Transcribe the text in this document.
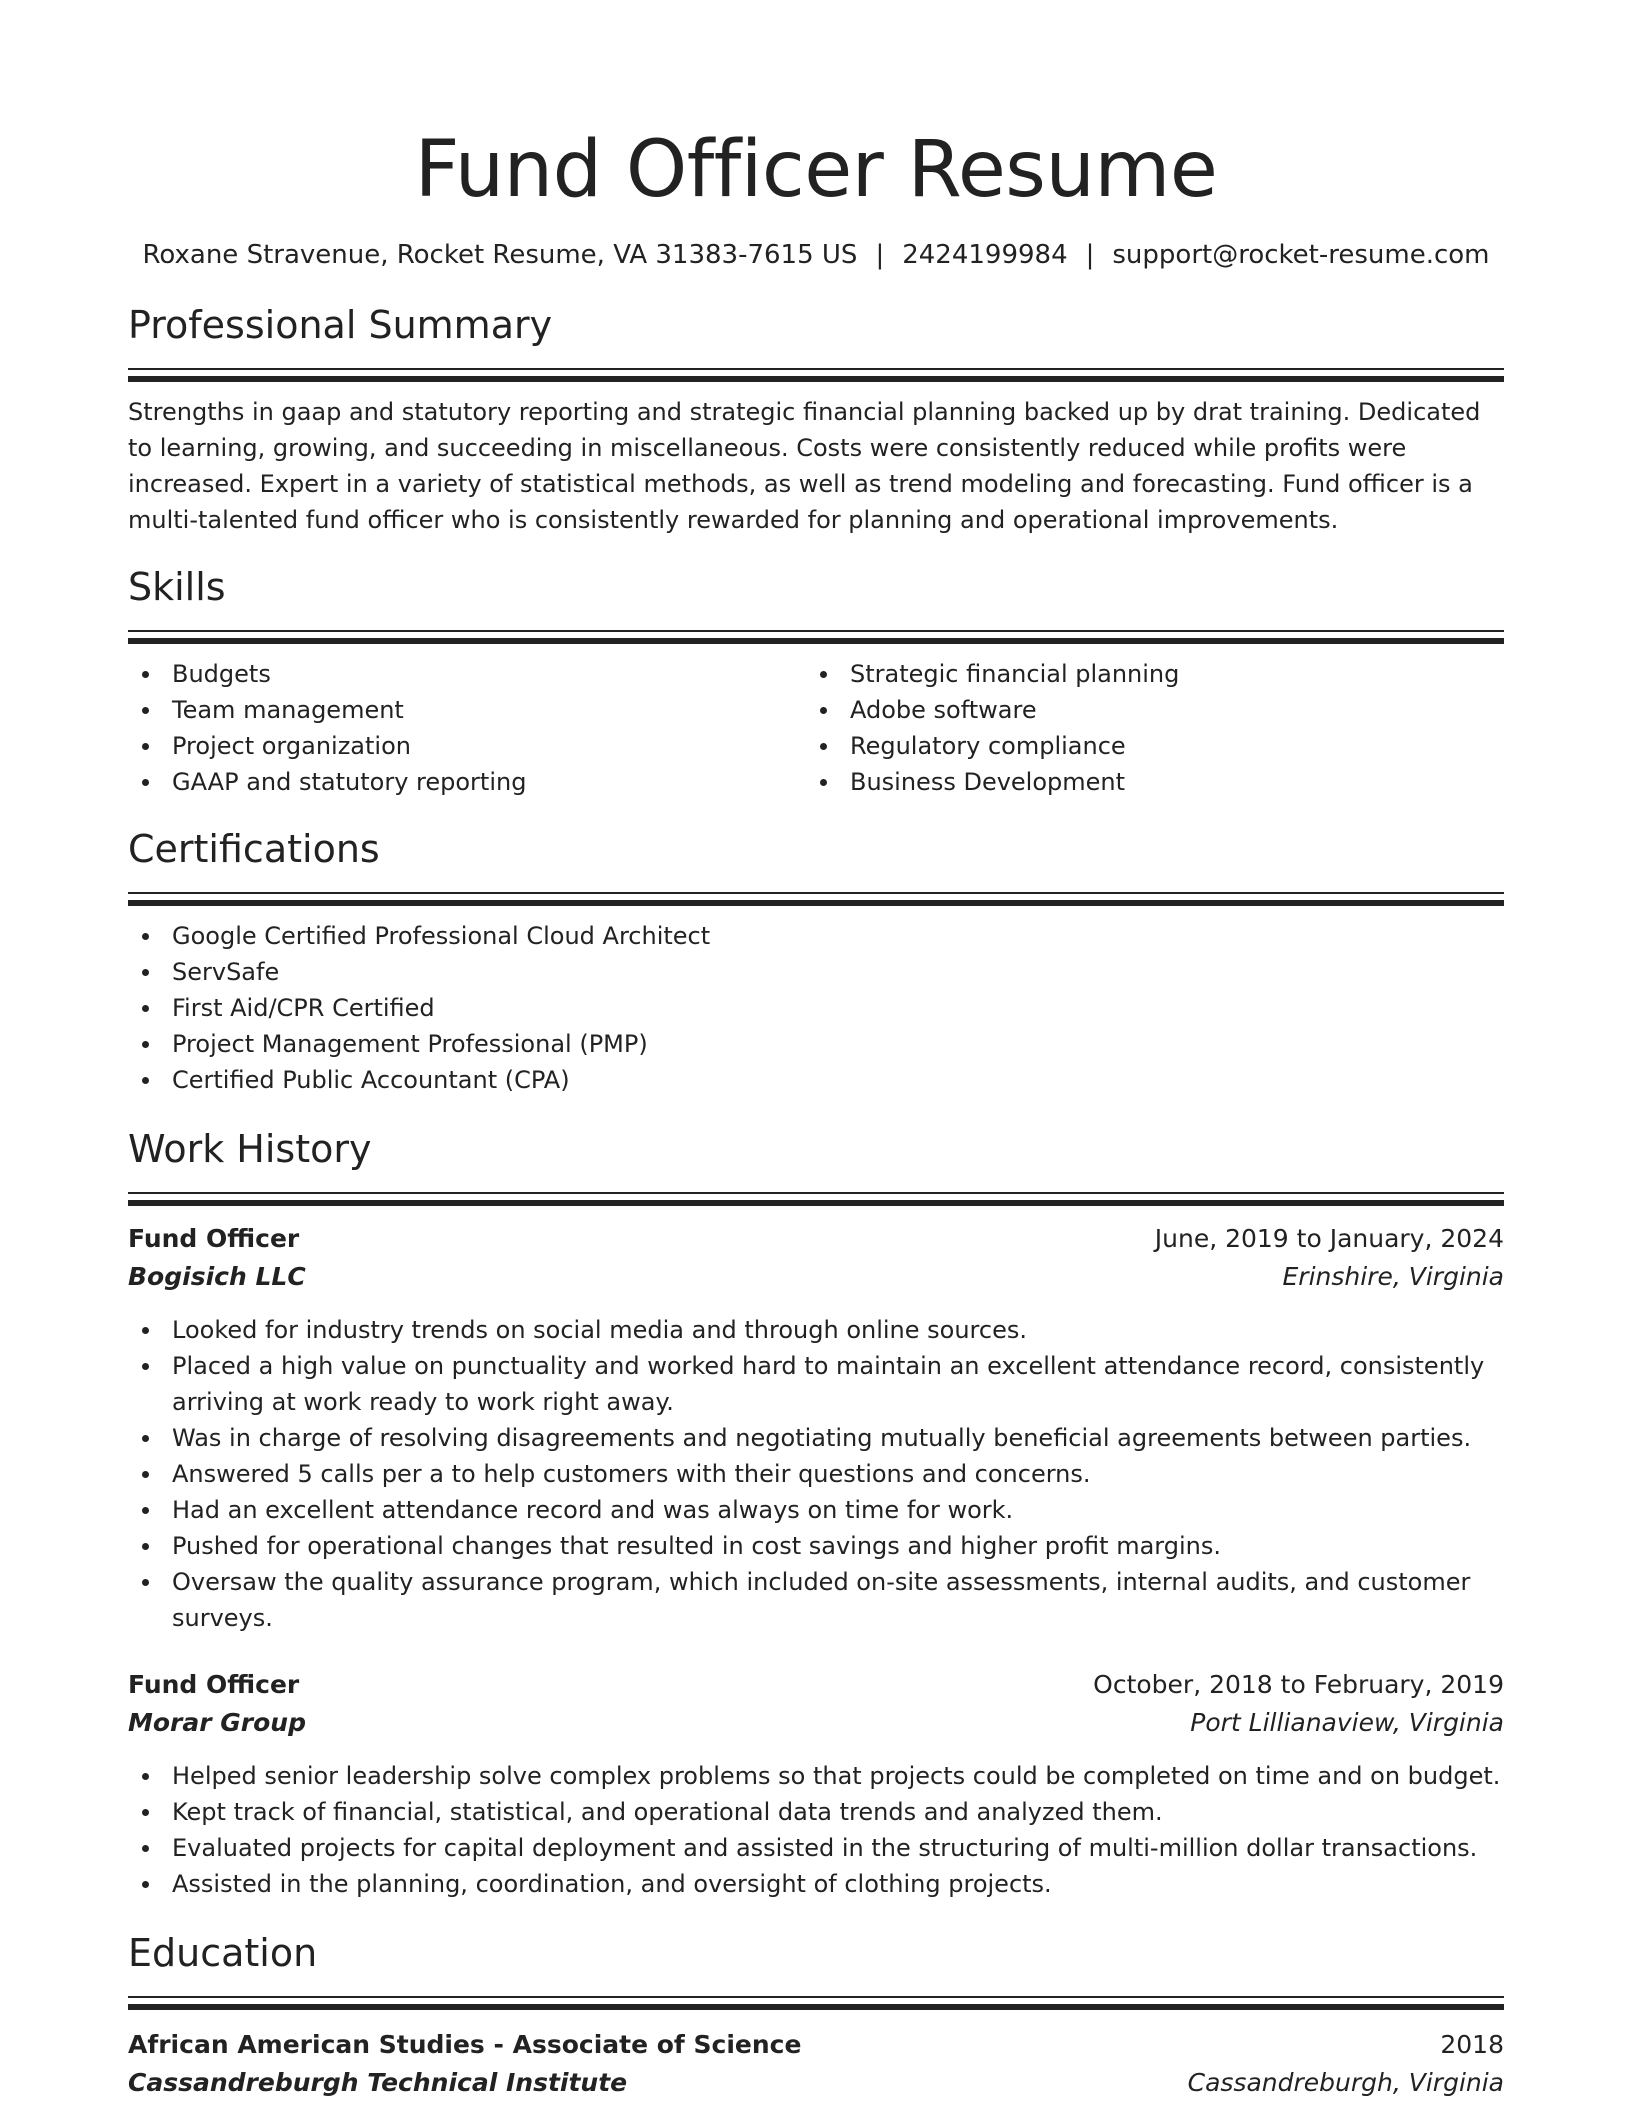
Fund Officer Resume
Roxane Stravenue, Rocket Resume, VA 31383-7615 US | 2424199984 | support@rocket-resume.com
Professional Summary
Strengths in gaap and statutory reporting and strategic financial planning backed up by drat training. Dedicated to learning, growing, and succeeding in miscellaneous. Costs were consistently reduced while profits were increased. Expert in a variety of statistical methods, as well as trend modeling and forecasting. Fund officer is a multi-talented fund officer who is consistently rewarded for planning and operational improvements.
Skills
Budgets
Team management
Project organization
GAAP and statutory reporting
Strategic financial planning
Adobe software
Regulatory compliance
Business Development
Certifications
Google Certified Professional Cloud Architect
ServSafe
First Aid/CPR Certified
Project Management Professional (PMP)
Certified Public Accountant (CPA)
Work History
Fund Officer	June, 2019 to January, 2024
Bogisich LLC	Erinshire, Virginia
Looked for industry trends on social media and through online sources.
Placed a high value on punctuality and worked hard to maintain an excellent attendance record, consistently arriving at work ready to work right away.
Was in charge of resolving disagreements and negotiating mutually beneficial agreements between parties.
Answered 5 calls per a to help customers with their questions and concerns.
Had an excellent attendance record and was always on time for work.
Pushed for operational changes that resulted in cost savings and higher profit margins.
Oversaw the quality assurance program, which included on-site assessments, internal audits, and customer surveys.
Fund Officer	October, 2018 to February, 2019
Morar Group	Port Lillianaview, Virginia
Helped senior leadership solve complex problems so that projects could be completed on time and on budget.
Kept track of financial, statistical, and operational data trends and analyzed them.
Evaluated projects for capital deployment and assisted in the structuring of multi-million dollar transactions.
Assisted in the planning, coordination, and oversight of clothing projects.
Education
African American Studies - Associate of Science	2018
Cassandreburgh Technical Institute	Cassandreburgh, Virginia
